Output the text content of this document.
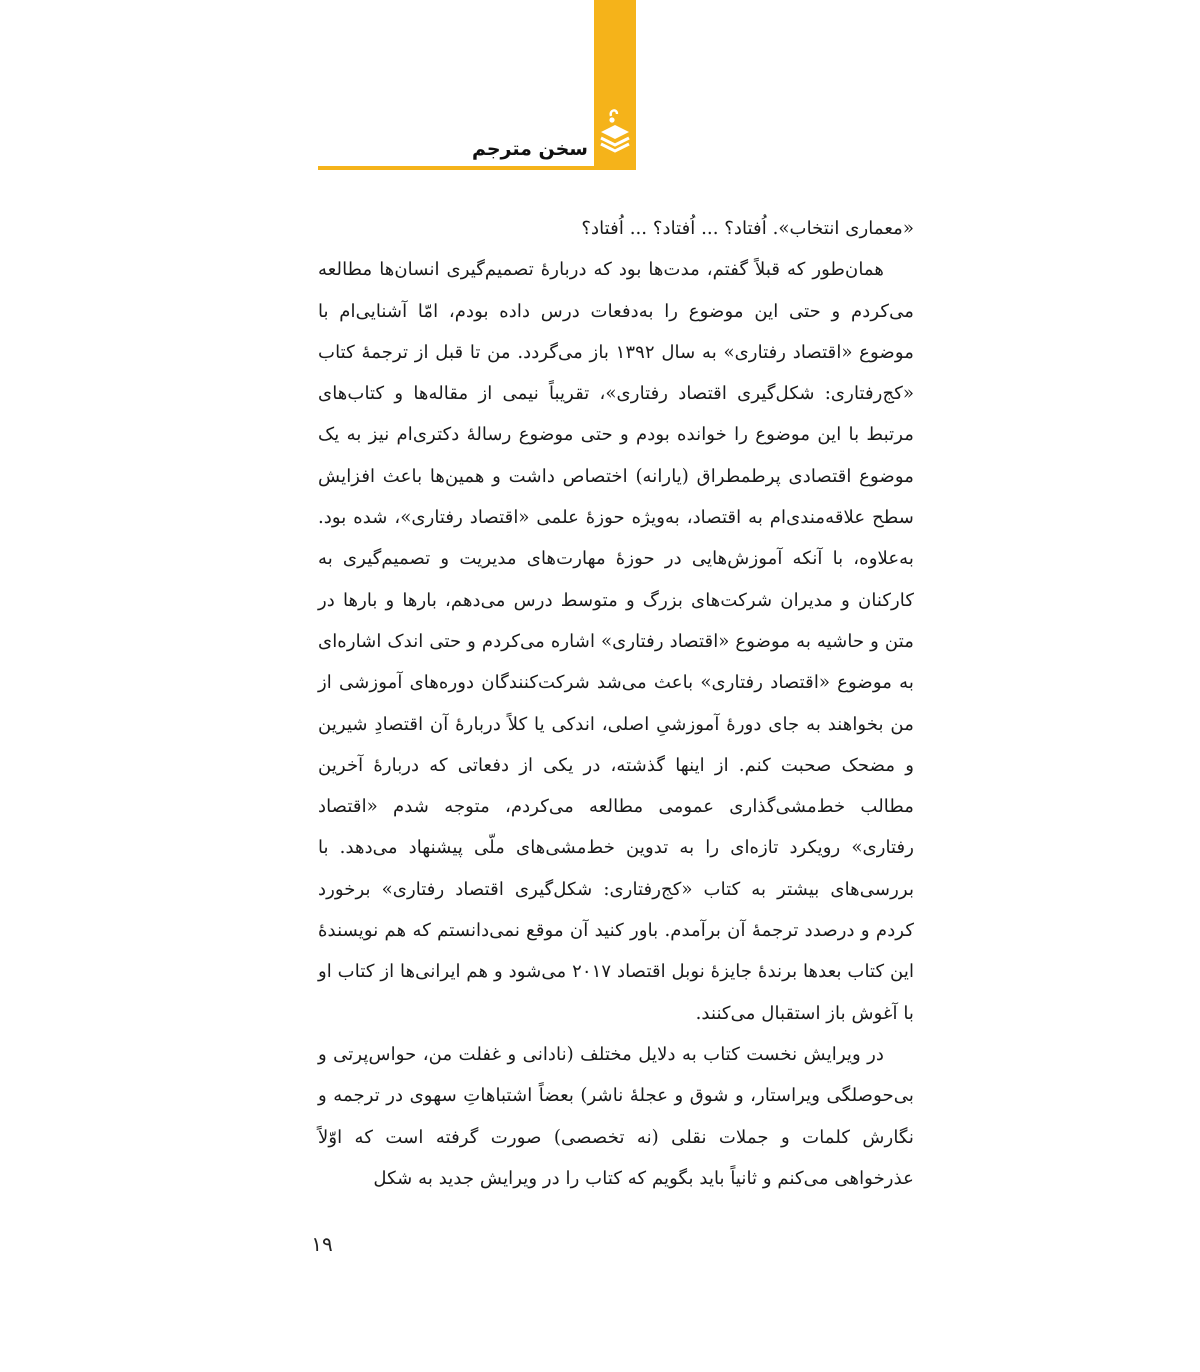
سخن مترجم

«معماری انتخاب». اُفتاد؟ ... اُفتاد؟ ... اُفتاد؟

همان‌طور که قبلاً گفتم، مدت‌ها بود که دربارهٔ تصمیم‌گیری انسان‌ها مطالعه می‌کردم و حتی این موضوع را به‌دفعات درس داده بودم، امّا آشنایی‌ام با موضوع «اقتصاد رفتاری» به سال ۱۳۹۲ باز می‌گردد. من تا قبل از ترجمهٔ کتاب «کج‌رفتاری: شکل‌گیری اقتصاد رفتاری»، تقریباً نیمی از مقاله‌ها و کتاب‌های مرتبط با این موضوع را خوانده بودم و حتی موضوع رسالهٔ دکتری‌ام نیز به یک موضوع اقتصادی پرطمطراق (یارانه) اختصاص داشت و همین‌ها باعث افزایش سطح علاقه‌مندی‌ام به اقتصاد، به‌ویژه حوزهٔ علمی «اقتصاد رفتاری»، شده بود. به‌علاوه، با آنکه آموزش‌هایی در حوزهٔ مهارت‌های مدیریت و تصمیم‌گیری به کارکنان و مدیران شرکت‌های بزرگ و متوسط درس می‌دهم، بارها و بارها در متن و حاشیه به موضوع «اقتصاد رفتاری» اشاره می‌کردم و حتی اندک اشاره‌ای به موضوع «اقتصاد رفتاری» باعث می‌شد شرکت‌کنندگان دوره‌های آموزشی از من بخواهند به جای دورهٔ آموزشیِ اصلی، اندکی یا کلاً دربارهٔ آن اقتصادِ شیرین و مضحک صحبت کنم. از اینها گذشته، در یکی از دفعاتی که دربارهٔ آخرین مطالب خط‌مشی‌گذاری عمومی مطالعه می‌کردم، متوجه شدم «اقتصاد رفتاری» رویکرد تازه‌ای را به تدوین خط‌مشی‌های ملّی پیشنهاد می‌دهد. با بررسی‌های بیشتر به کتاب «کج‌رفتاری: شکل‌گیری اقتصاد رفتاری» برخورد کردم و درصدد ترجمهٔ آن برآمدم. باور کنید آن موقع نمی‌دانستم که هم نویسندهٔ این کتاب بعدها برندهٔ جایزهٔ نوبل اقتصاد ۲۰۱۷ می‌شود و هم ایرانی‌ها از کتاب او با آغوش باز استقبال می‌کنند.

در ویرایش نخست کتاب به دلایل مختلف (نادانی و غفلت من، حواس‌پرتی و بی‌حوصلگی ویراستار، و شوق و عجلهٔ ناشر) بعضاً اشتباهاتِ سهوی در ترجمه و نگارش کلمات و جملات نقلی (نه تخصصی) صورت گرفته است که اوّلاً عذرخواهی می‌کنم و ثانیاً باید بگویم که کتاب را در ویرایش جدید به شکل

۱۹
